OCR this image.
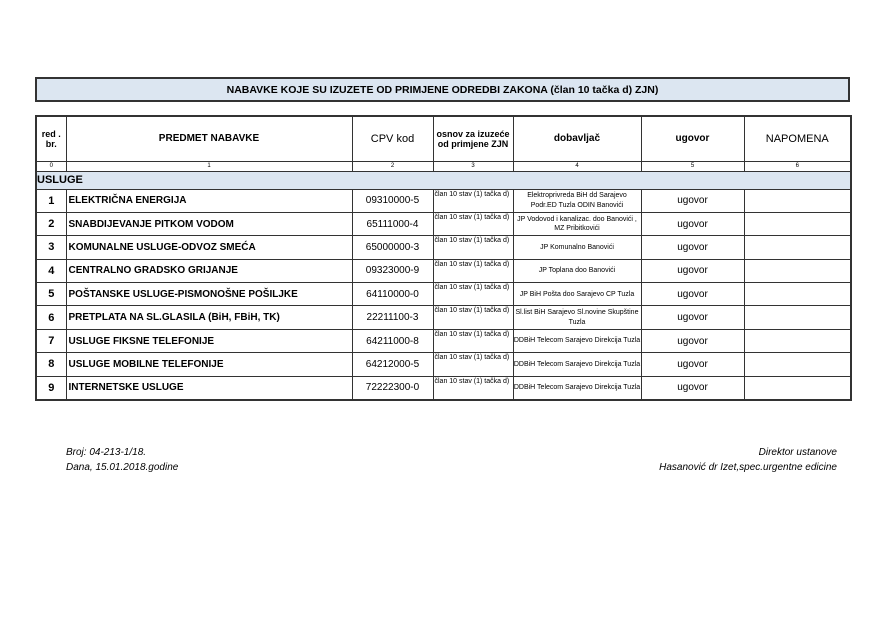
NABAVKE KOJE SU IZUZETE OD PRIMJENE ODREDBI ZAKONA (član 10 tačka d) ZJN)
red . br.	PREDMET NABAVKE	CPV kod	osnov za izuzeće od primjene ZJN	dobavljač	ugovor	NAPOMENA
0	1	2	3	4	5	6
USLUGE						
1	ELEKTRIČNA ENERGIJA	09310000-5	član 10 stav (1) tačka d)	Elektroprivreda BiH dd Sarajevo Podr.ED Tuzla ODIN Banovići	ugovor	
2	SNABDIJEVANJE PITKOM VODOM	65111000-4	član 10 stav (1) tačka d)	JP Vodovod i kanalizac. doo Banovići , MZ Pribitkovići	ugovor	
3	KOMUNALNE USLUGE-ODVOZ SMEĆA	65000000-3	član 10 stav (1) tačka d)	JP Komunalno Banovići	ugovor	
4	CENTRALNO GRADSKO GRIJANJE	09323000-9	član 10 stav (1) tačka d)	JP Toplana doo Banovići	ugovor	
5	POŠTANSKE USLUGE-PISMONOŠNE POŠILJKE	64110000-0	član 10 stav (1) tačka d)	JP BiH Pošta doo Sarajevo CP Tuzla	ugovor	
6	PRETPLATA NA SL.GLASILA (BiH, FBiH, TK)	22211100-3	član 10 stav (1) tačka d)	Sl.list BiH Sarajevo Sl.novine Skupštine Tuzla	ugovor	
7	USLUGE FIKSNE TELEFONIJE	64211000-8	član 10 stav (1) tačka d)	DDBiH Telecom Sarajevo Direkcija Tuzla	ugovor	
8	USLUGE MOBILNE TELEFONIJE	64212000-5	član 10 stav (1) tačka d)	DDBiH Telecom Sarajevo Direkcija Tuzla	ugovor	
9	INTERNETSKE USLUGE	72222300-0	član 10 stav (1) tačka d)	DDBiH Telecom Sarajevo Direkcija Tuzla	ugovor	
Broj: 04-213-1/18.
Dana, 15.01.2018.godine
Direktor ustanove
Hasanović dr Izet,spec.urgentne edicine
